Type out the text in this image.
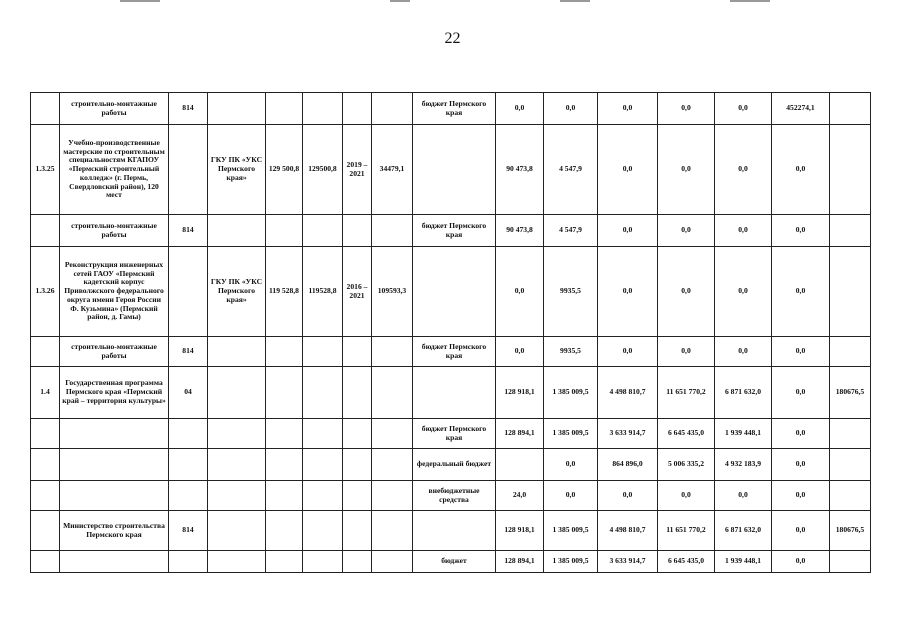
22
	строительно-монтажные работы	814						бюджет Пермского края	0,0	0,0	0,0	0,0	0,0	452274,1	
1.3.25	Учебно-производственные мастерские по строительным специальностям КГАПОУ «Пермский строительный колледж» (г. Пермь, Свердловский район), 120 мест		ГКУ ПК «УКС Пермского края»	129 500,8	129500,8	2019 – 2021	34479,1		90 473,8	4 547,9	0,0	0,0	0,0	0,0	
	строительно-монтажные работы	814						бюджет Пермского края	90 473,8	4 547,9	0,0	0,0	0,0	0,0	
1.3.26	Реконструкция инженерных сетей ГАОУ «Пермский кадетский корпус Приволжского федерального округа имени Героя России Ф. Кузьмина» (Пермский район, д. Гамы)		ГКУ ПК «УКС Пермского края»	119 528,8	119528,8	2016 – 2021	109593,3		0,0	9935,5	0,0	0,0	0,0	0,0	
	строительно-монтажные работы	814						бюджет Пермского края	0,0	9935,5	0,0	0,0	0,0	0,0	
1.4	Государственная программа Пермского края «Пермский край – территория культуры»	04							128 918,1	1 385 009,5	4 498 810,7	11 651 770,2	6 871 632,0	0,0	180676,5
								бюджет Пермского края	128 894,1	1 385 009,5	3 633 914,7	6 645 435,0	1 939 448,1	0,0	
								федеральный бюджет		0,0	864 896,0	5 006 335,2	4 932 183,9	0,0	
								внебюджетные средства	24,0	0,0	0,0	0,0	0,0	0,0	
	Министерство строительства Пермского края	814							128 918,1	1 385 009,5	4 498 810,7	11 651 770,2	6 871 632,0	0,0	180676,5
								бюджет	128 894,1	1 385 009,5	3 633 914,7	6 645 435,0	1 939 448,1	0,0	
